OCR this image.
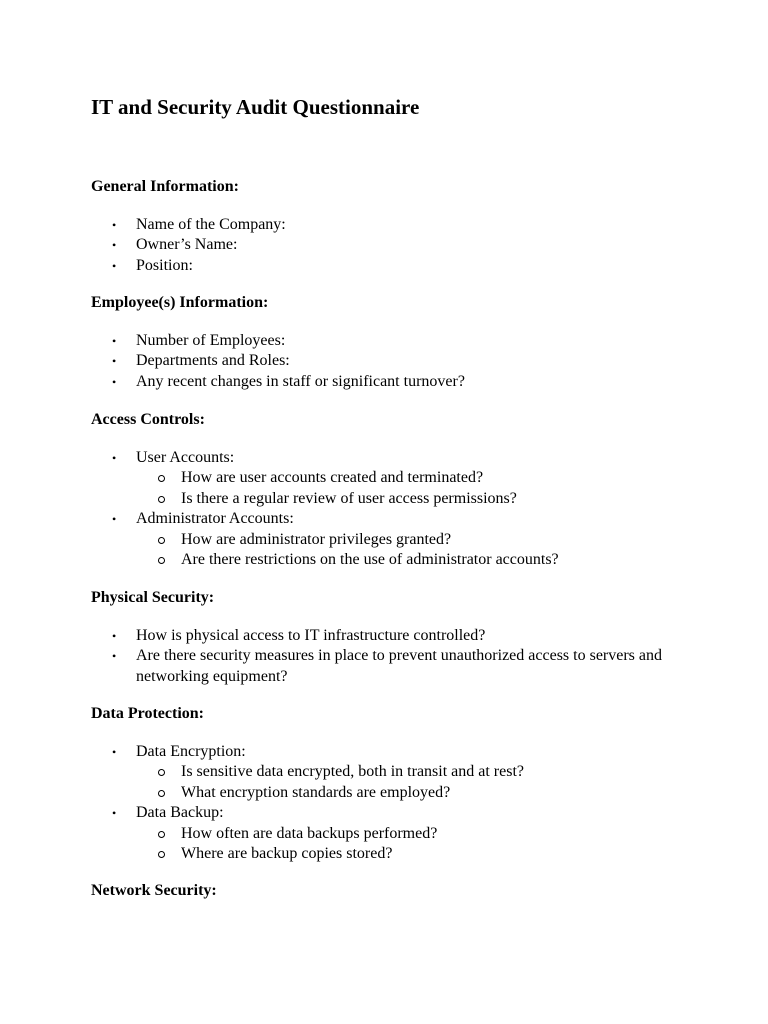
IT and Security Audit Questionnaire
General Information:
• Name of the Company:
• Owner’s Name:
• Position:
Employee(s) Information:
• Number of Employees:
• Departments and Roles:
• Any recent changes in staff or significant turnover?
Access Controls:
• User Accounts:
How are user accounts created and terminated?
Is there a regular review of user access permissions?
• Administrator Accounts:
How are administrator privileges granted?
Are there restrictions on the use of administrator accounts?
Physical Security:
• How is physical access to IT infrastructure controlled?
• Are there security measures in place to prevent unauthorized access to servers and networking equipment?
Data Protection:
• Data Encryption:
Is sensitive data encrypted, both in transit and at rest?
What encryption standards are employed?
• Data Backup:
How often are data backups performed?
Where are backup copies stored?
Network Security:
